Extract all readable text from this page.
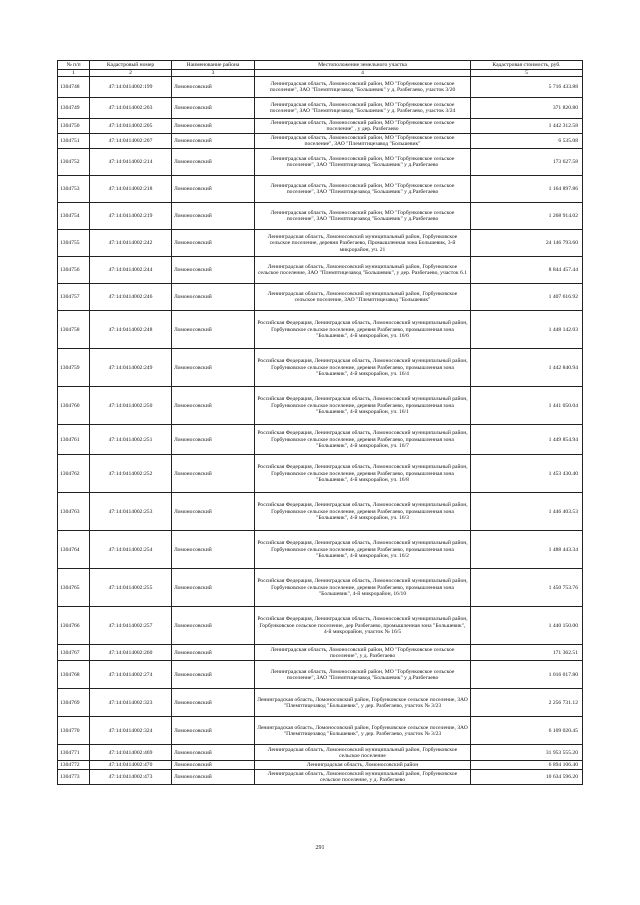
№ п/п	Кадастровый номер	Наименование района	Местоположение земельного участка	Кадастровая стоимость, руб.
1	2	3	4	5
1304748	47:14:0414002:199	Ломоносовский	Ленинградская область, Ломоносовский район, МО "Горбунковское сельское поселение", ЗАО "Племптицезавод "Большевик" у д. Разбегаево, участок 3/20	5 716 433.88
1304749	47:14:0414002:203	Ломоносовский	Ленинградская область, Ломоносовский район, МО "Горбунковское сельское поселение", ЗАО "Племптицезавод "Большевик" у д. Разбегаево, участок 3/24	371 820.80
1304750	47:14:0414002:205	Ломоносовский	Ленинградская область, Ломоносовский район, МО "Горбунковское сельское поселение" , у дер. Разбегаево	1 442 312.58
1304751	47:14:0414002:207	Ломоносовский	Ленинградская область, Ломоносовский район, МО "Горбунковское сельское поселение", ЗАО "Племптицезавод "Большевик"	6 535.08
1304752	47:14:0414002:214	Ломоносовский	Ленинградская область, Ломоносовский район, МО "Горбунковское сельское поселение", ЗАО "Племптицезавод "Большевик" у д.Разбегаево	173 627.58
1304753	47:14:0414002:218	Ломоносовский	Ленинградская область, Ломоносовский район, МО "Горбунковское сельское поселение", ЗАО "Племптицезавод "Большевик" у д.Разбегаево	1 164 897.86
1304754	47:14:0414002:219	Ломоносовский	Ленинградская область, Ломоносовский район, МО "Горбунковское сельское поселение", ЗАО "Племптицезавод "Большевик" у д.Разбегаево	1 268 914.02
1304755	47:14:0414002:242	Ломоносовский	Ленинградская область, Ломоносовский муниципальный район, Горбунковское сельское поселение, деревня Разбегаево, Промышленная зона Большевик, 3-й микрорайон, уч. 21	24 146 793.60
1304756	47:14:0414002:244	Ломоносовский	Ленинградская область, Ломоносовский муниципальный район, Горбунковское сельское поселение, ЗАО "Племптицезавод "Большевик", у дер. Разбегаево, участок 6.1	8 844 457.44
1304757	47:14:0414002:246	Ломоносовский	Ленинградская область, Ломоносовский муниципальный район, Горбунковское сельское поселение, ЗАО "Племптицезавод "Большевик"	1 407 616.92
1304758	47:14:0414002:248	Ломоносовский	Российская Федерация, Ленинградская область, Ломоносовский муниципальный район, Горбунковское сельское поселение, деревня Разбегаево, промышленная зона "Большевик", 4-й микрорайон, уч. 16/6	1 448 142.03
1304759	47:14:0414002:249	Ломоносовский	Российская Федерация, Ленинградская область, Ломоносовский муниципальный район, Горбунковское сельское поселение, деревня Разбегаево, промышленная зона "Большевик", 4-й микрорайон, уч. 16/4	1 442 840.94
1304760	47:14:0414002:250	Ломоносовский	Российская Федерация, Ленинградская область, Ломоносовский муниципальный район, Горбунковское сельское поселение, деревня Разбегаево, промышленная зона "Большевик", 4-й микрорайон, уч. 16/1	1 441 050.04
1304761	47:14:0414002:251	Ломоносовский	Российская Федерация, Ленинградская область, Ломоносовский муниципальный район, Горбунковское сельское поселение, деревня Разбегаево, промышленная зона "Большевик", 4-й микрорайон, уч. 16/7	1 449 854.94
1304762	47:14:0414002:252	Ломоносовский	Российская Федерация, Ленинградская область, Ломоносовский муниципальный район, Горбунковское сельское поселение, деревня Разбегаево, промышленная зона "Большевик", 4-й микрорайон, уч. 16/8	1 453 430.40
1304763	47:14:0414002:253	Ломоносовский	Российская Федерация, Ленинградская область, Ломоносовский муниципальный район, Горбунковское сельское поселение, деревня Разбегаево, промышленная зона "Большевик", 4-й микрорайон, уч. 16/3	1 446 403.53
1304764	47:14:0414002:254	Ломоносовский	Российская Федерация, Ленинградская область, Ломоносовский муниципальный район, Горбунковское сельское поселение, деревня Разбегаево, промышленная зона "Большевик", 4-й микрорайон, уч. 16/2	1 488 443.34
1304765	47:14:0414002:255	Ломоносовский	Российская Федерация, Ленинградская область, Ломоносовский муниципальный район, Горбунковское сельское поселение, деревня Разбегаево, промышленная зона "Большевик", 4-й микрорайон, 16/10	1 450 753.76
1304766	47:14:0414002:257	Ломоносовский	Российская Федерация, Ленинградская область, Ломоносовский муниципальный район, Горбунковское сельское поселение, дер Разбегаево, промышленная зона "Большевик", 4-й микрорайон, участок № 16/5	1 440 150.00
1304767	47:14:0414002:260	Ломоносовский	Ленинградская область, Ломоносовский район, МО "Горбунковское сельское поселение", у д. Разбегаево	171 362.51
1304768	47:14:0414002:274	Ломоносовский	Ленинградская область, Ломоносовский район, МО "Горбунковское сельское поселение", ЗАО "Племптицезавод "Большевик" у д.Разбегаево	1 016 017.80
1304769	47:14:0414002:323	Ломоносовский	Ленинградская область, Ломоносовский район, Горбунковское сельское поселение, ЗАО "Племптицезавод "Большевик", у дер. Разбегаево, участок № 3/23	2 256 731.12
1304770	47:14:0414002:324	Ломоносовский	Ленинградская область, Ломоносовский район, Горбунковское сельское поселение, ЗАО "Племптицезавод "Большевик", у дер. Разбегаево, участок № 3/23	6 109 020.45
1304771	47:14:0414002:469	Ломоносовский	Ленинградская область, Ломоносовский муниципальный район, Горбунковское сельское поселение	31 953 555.20
1304772	47:14:0414002:470	Ломоносовский	Ленинградская область, Ломоносовский район	6 894 106.40
1304773	47:14:0414002:473	Ломоносовский	Ленинградская область, Ломоносовский муниципальный район, Горбунковское сельское поселение, у д. Разбегаево	10 634 596.20
291
